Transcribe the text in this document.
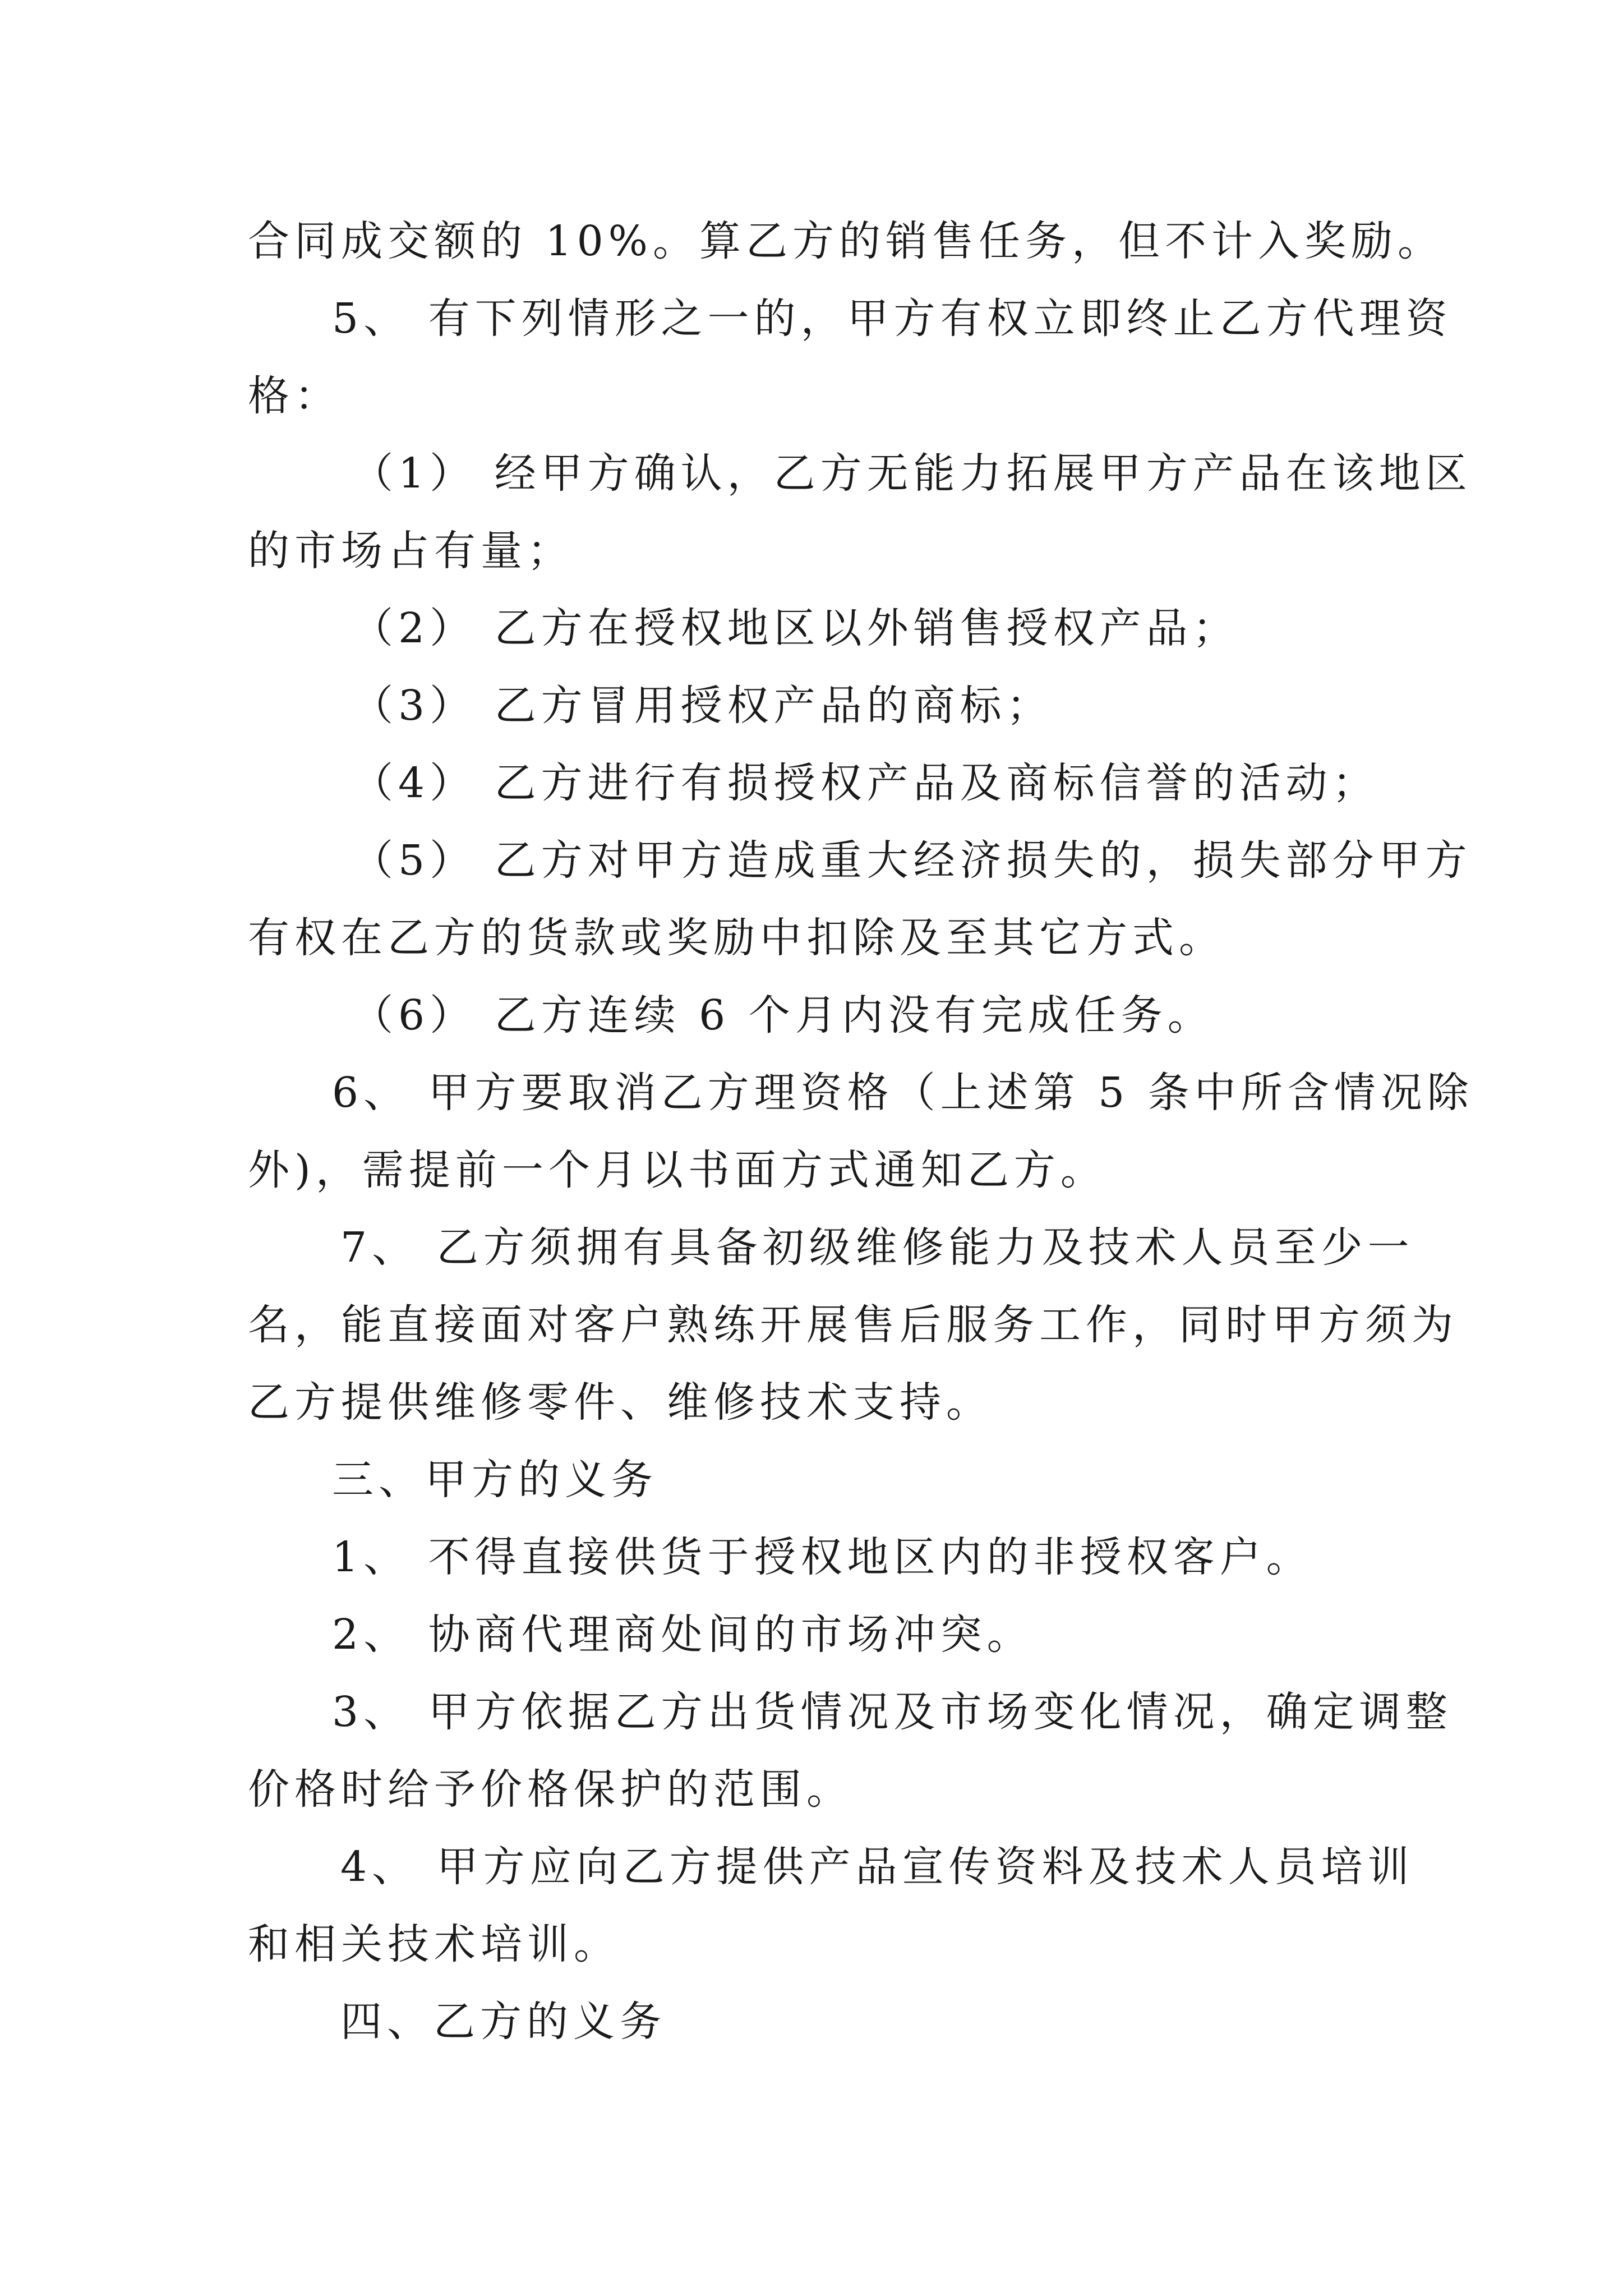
合同成交额的 10%。算乙方的销售任务，但不计入奖励。
5、 有下列情形之一的，甲方有权立即终止乙方代理资
格：
（1） 经甲方确认，乙方无能力拓展甲方产品在该地区
的市场占有量；
（2） 乙方在授权地区以外销售授权产品；
（3） 乙方冒用授权产品的商标；
（4） 乙方进行有损授权产品及商标信誉的活动；
（5） 乙方对甲方造成重大经济损失的，损失部分甲方
有权在乙方的货款或奖励中扣除及至其它方式。
（6） 乙方连续 6 个月内没有完成任务。
6、 甲方要取消乙方理资格（上述第 5 条中所含情况除
外)，需提前一个月以书面方式通知乙方。
7、 乙方须拥有具备初级维修能力及技术人员至少一
名，能直接面对客户熟练开展售后服务工作，同时甲方须为
乙方提供维修零件、维修技术支持。
三、甲方的义务
1、 不得直接供货于授权地区内的非授权客户。
2、 协商代理商处间的市场冲突。
3、 甲方依据乙方出货情况及市场变化情况，确定调整
价格时给予价格保护的范围。
4、 甲方应向乙方提供产品宣传资料及技术人员培训
和相关技术培训。
四、乙方的义务
